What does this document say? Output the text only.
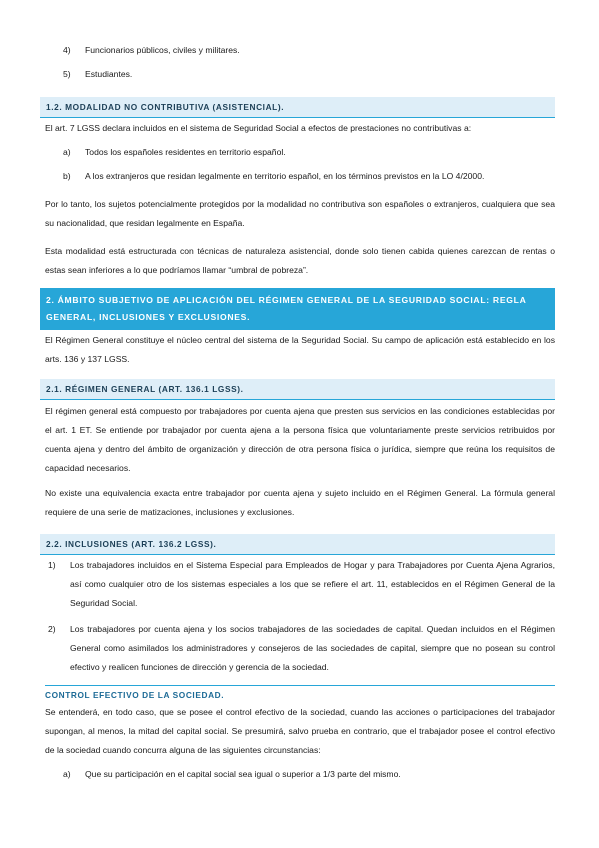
4)	Funcionarios públicos, civiles y militares.
5)	Estudiantes.
1.2. MODALIDAD NO CONTRIBUTIVA (ASISTENCIAL).
El art. 7 LGSS declara incluidos en el sistema de Seguridad Social a efectos de prestaciones no contributivas a:
a)	Todos los españoles residentes en territorio español.
b)	A los extranjeros que residan legalmente en territorio español, en los términos previstos en la LO 4/2000.
Por lo tanto, los sujetos potencialmente protegidos por la modalidad no contributiva son españoles o extranjeros, cualquiera que sea su nacionalidad, que residan legalmente en España.
Esta modalidad está estructurada con técnicas de naturaleza asistencial, donde solo tienen cabida quienes carezcan de rentas o estas sean inferiores a lo que podríamos llamar “umbral de pobreza”.
2. ÁMBITO SUBJETIVO DE APLICACIÓN DEL RÉGIMEN GENERAL DE LA SEGURIDAD SOCIAL: REGLA GENERAL, INCLUSIONES Y EXCLUSIONES.
El Régimen General constituye el núcleo central del sistema de la Seguridad Social. Su campo de aplicación está establecido en los arts. 136 y 137 LGSS.
2.1. RÉGIMEN GENERAL (ART. 136.1 LGSS).
El régimen general está compuesto por trabajadores por cuenta ajena que presten sus servicios en las condiciones establecidas por el art. 1 ET. Se entiende por trabajador por cuenta ajena a la persona física que voluntariamente preste servicios retribuidos por cuenta ajena y dentro del ámbito de organización y dirección de otra persona física o jurídica, siempre que reúna los requisitos de capacidad necesarios.
No existe una equivalencia exacta entre trabajador por cuenta ajena y sujeto incluido en el Régimen General. La fórmula general requiere de una serie de matizaciones, inclusiones y exclusiones.
2.2. INCLUSIONES (ART. 136.2 LGSS).
1)	Los trabajadores incluidos en el Sistema Especial para Empleados de Hogar y para Trabajadores por Cuenta Ajena Agrarios, así como cualquier otro de los sistemas especiales a los que se refiere el art. 11, establecidos en el Régimen General de la Seguridad Social.
2)	Los trabajadores por cuenta ajena y los socios trabajadores de las sociedades de capital. Quedan incluidos en el Régimen General como asimilados los administradores y consejeros de las sociedades de capital, siempre que no posean su control efectivo y realicen funciones de dirección y gerencia de la sociedad.
CONTROL EFECTIVO DE LA SOCIEDAD.
Se entenderá, en todo caso, que se posee el control efectivo de la sociedad, cuando las acciones o participaciones del trabajador supongan, al menos, la mitad del capital social. Se presumirá, salvo prueba en contrario, que el trabajador posee el control efectivo de la sociedad cuando concurra alguna de las siguientes circunstancias:
a)	Que su participación en el capital social sea igual o superior a 1/3 parte del mismo.
